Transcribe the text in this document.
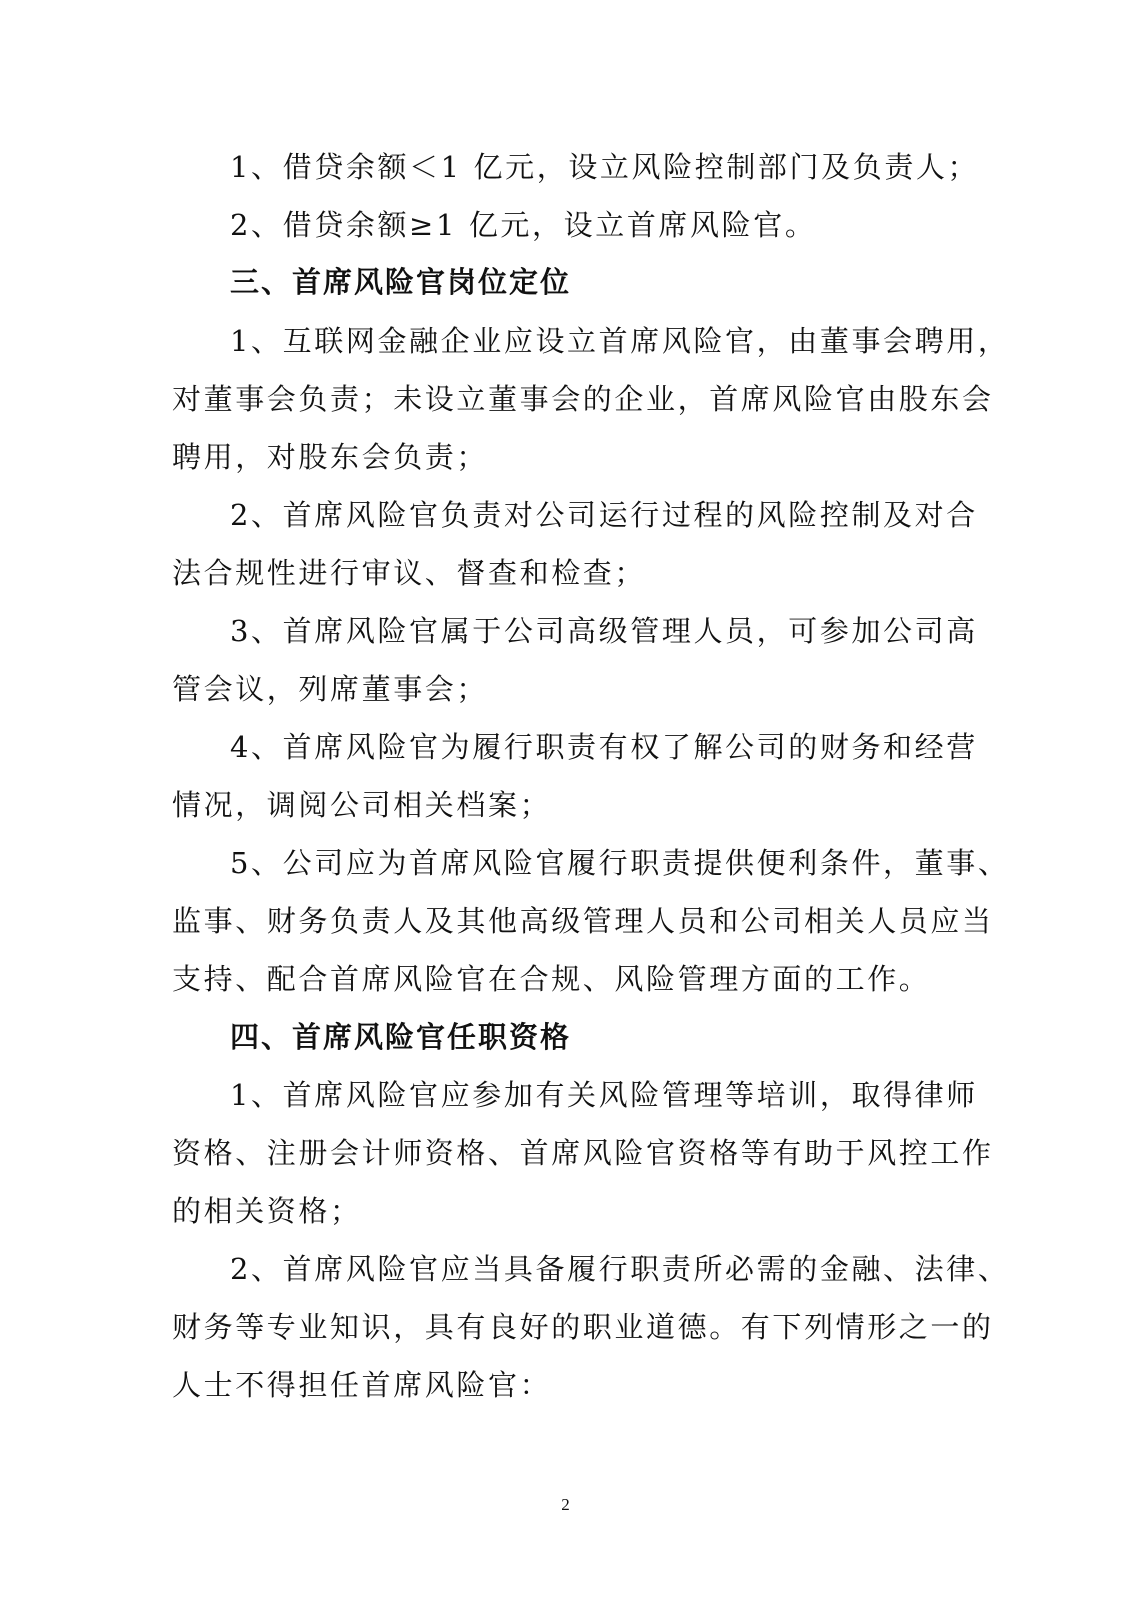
1、借贷余额＜1 亿元，设立风险控制部门及负责人；
2、借贷余额≥1 亿元，设立首席风险官。
三、首席风险官岗位定位
1、互联网金融企业应设立首席风险官，由董事会聘用，
对董事会负责；未设立董事会的企业，首席风险官由股东会
聘用，对股东会负责；
2、首席风险官负责对公司运行过程的风险控制及对合
法合规性进行审议、督查和检查；
3、首席风险官属于公司高级管理人员，可参加公司高
管会议，列席董事会；
4、首席风险官为履行职责有权了解公司的财务和经营
情况，调阅公司相关档案；
5、公司应为首席风险官履行职责提供便利条件，董事、
监事、财务负责人及其他高级管理人员和公司相关人员应当
支持、配合首席风险官在合规、风险管理方面的工作。
四、首席风险官任职资格
1、首席风险官应参加有关风险管理等培训，取得律师
资格、注册会计师资格、首席风险官资格等有助于风控工作
的相关资格；
2、首席风险官应当具备履行职责所必需的金融、法律、
财务等专业知识，具有良好的职业道德。有下列情形之一的
人士不得担任首席风险官：
2
